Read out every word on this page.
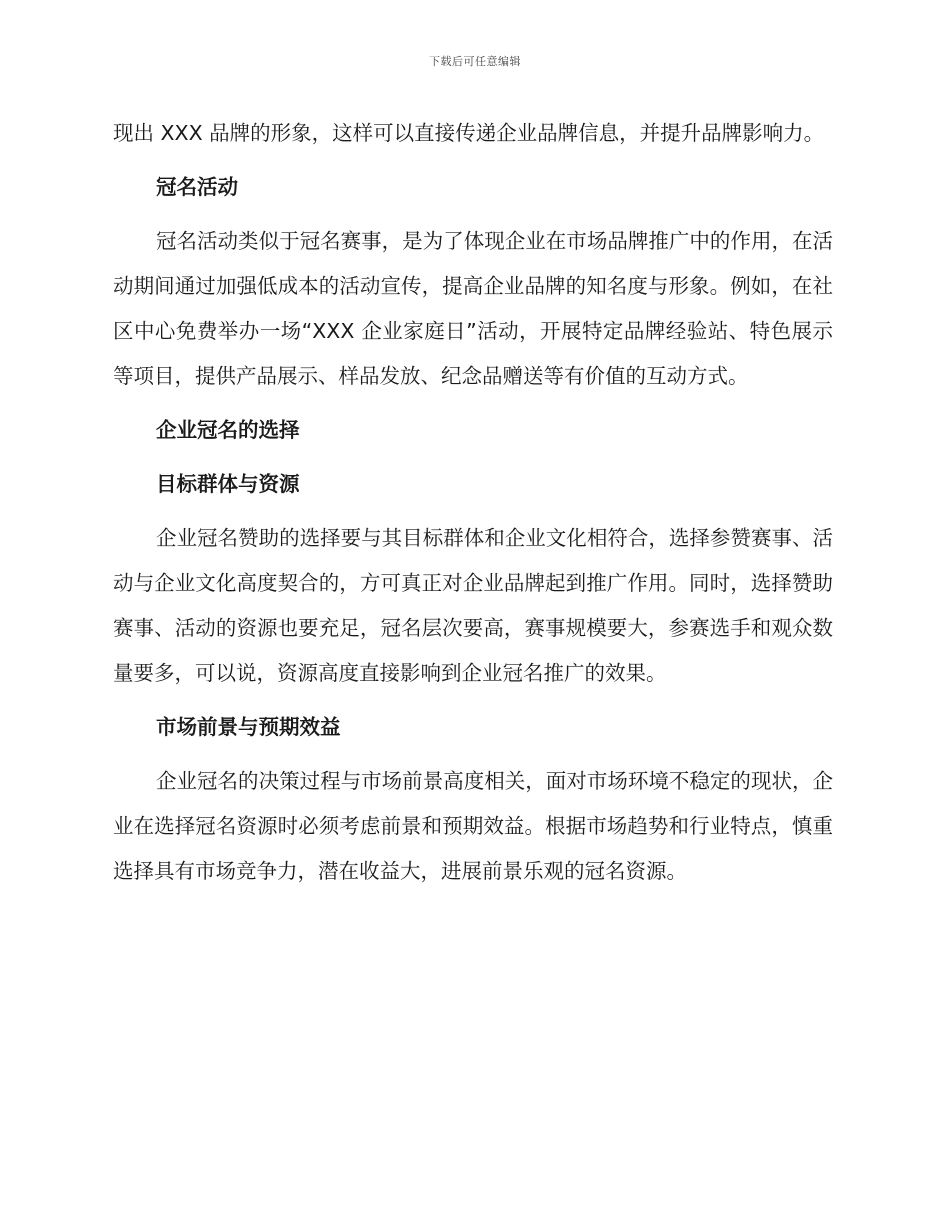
下载后可任意编辑

现出 XXX 品牌的形象，这样可以直接传递企业品牌信息，并提升品牌影响力。

冠名活动

冠名活动类似于冠名赛事，是为了体现企业在市场品牌推广中的作用，在活动期间通过加强低成本的活动宣传，提高企业品牌的知名度与形象。例如，在社区中心免费举办一场“XXX 企业家庭日”活动，开展特定品牌经验站、特色展示等项目，提供产品展示、样品发放、纪念品赠送等有价值的互动方式。

企业冠名的选择
目标群体与资源

企业冠名赞助的选择要与其目标群体和企业文化相符合，选择参赞赛事、活动与企业文化高度契合的，方可真正对企业品牌起到推广作用。同时，选择赞助赛事、活动的资源也要充足，冠名层次要高，赛事规模要大，参赛选手和观众数量要多，可以说，资源高度直接影响到企业冠名推广的效果。

市场前景与预期效益

企业冠名的决策过程与市场前景高度相关，面对市场环境不稳定的现状，企业在选择冠名资源时必须考虑前景和预期效益。根据市场趋势和行业特点，慎重选择具有市场竞争力，潜在收益大，进展前景乐观的冠名资源。
